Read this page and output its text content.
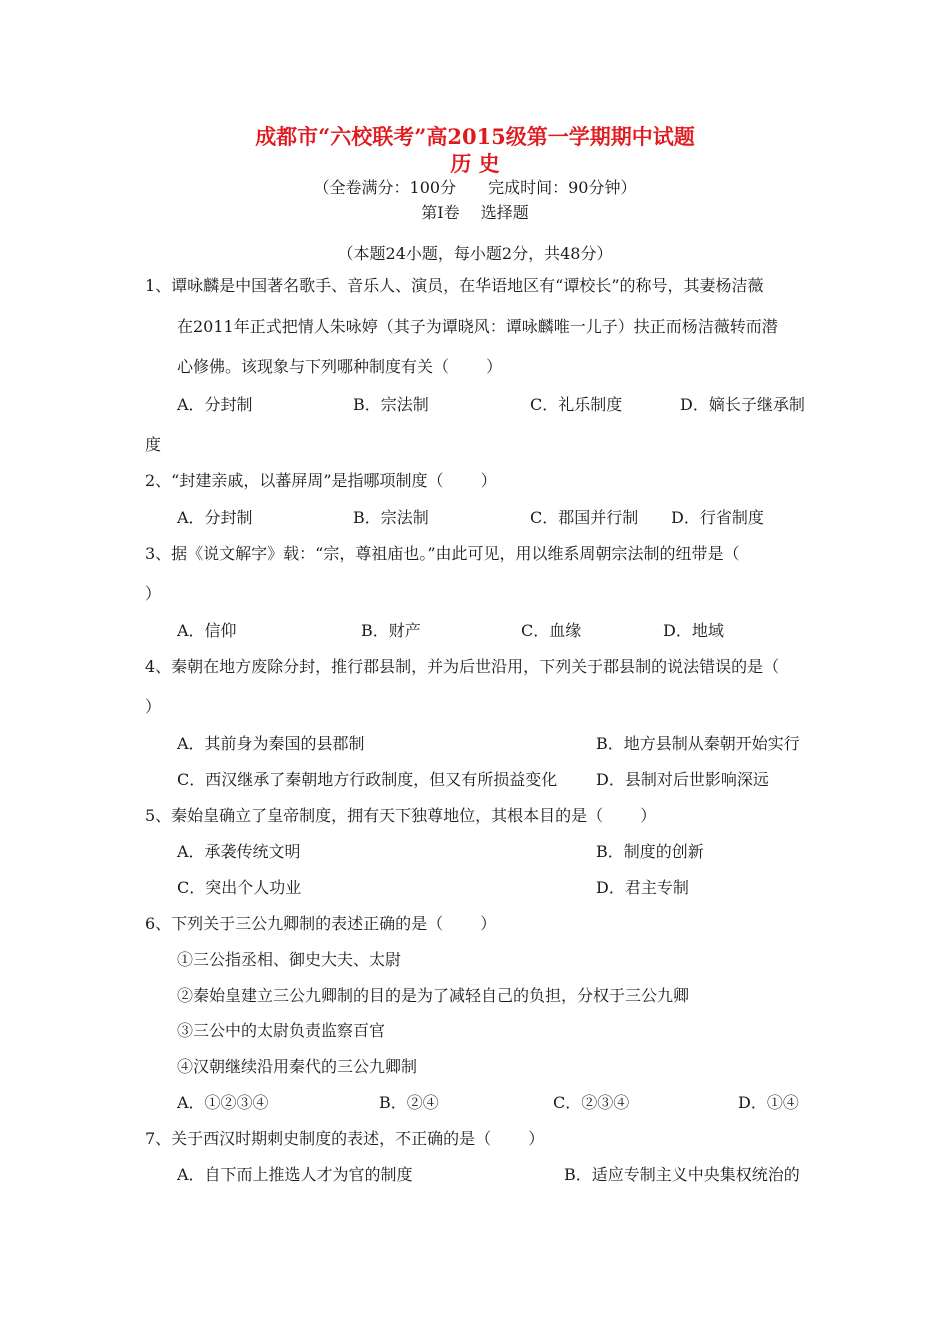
成都市“六校联考”高2015级第一学期期中试题
历 史
（全卷满分：100分　　完成时间：90分钟）
第Ⅰ卷　 选择题
（本题24小题，每小题2分，共48分）
1、谭咏麟是中国著名歌手、音乐人、演员，在华语地区有“谭校长”的称号，其妻杨洁薇
在2011年正式把情人朱咏婷（其子为谭晓风：谭咏麟唯一儿子）扶正而杨洁薇转而潜
心修佛。该现象与下列哪种制度有关（　　 ）
A．分封制	B．宗法制	C．礼乐制度	D．嫡长子继承制
度
2、“封建亲戚，以蕃屏周”是指哪项制度（　　 ）
A．分封制	B．宗法制	C．郡国并行制 D．行省制度
3、据《说文解字》载：“宗，尊祖庙也。”由此可见，用以维系周朝宗法制的纽带是（
）
A．信仰	B．财产	C．血缘	D．地域
4、秦朝在地方废除分封，推行郡县制，并为后世沿用，下列关于郡县制的说法错误的是（
）
A．其前身为秦国的县郡制	B．地方县制从秦朝开始实行
C．西汉继承了秦朝地方行政制度，但又有所损益变化 D．县制对后世影响深远
5、秦始皇确立了皇帝制度，拥有天下独尊地位，其根本目的是（　　 ）
A．承袭传统文明	B．制度的创新
C．突出个人功业	D．君主专制
6、下列关于三公九卿制的表述正确的是（　　 ）
①三公指丞相、御史大夫、太尉
②秦始皇建立三公九卿制的目的是为了减轻自己的负担，分权于三公九卿
③三公中的太尉负责监察百官
④汉朝继续沿用秦代的三公九卿制
A．①②③④	B．②④	C．②③④	D．①④
7、关于西汉时期刺史制度的表述，不正确的是（　　 ）
A．自下而上推选人才为官的制度	B．适应专制主义中央集权统治的
